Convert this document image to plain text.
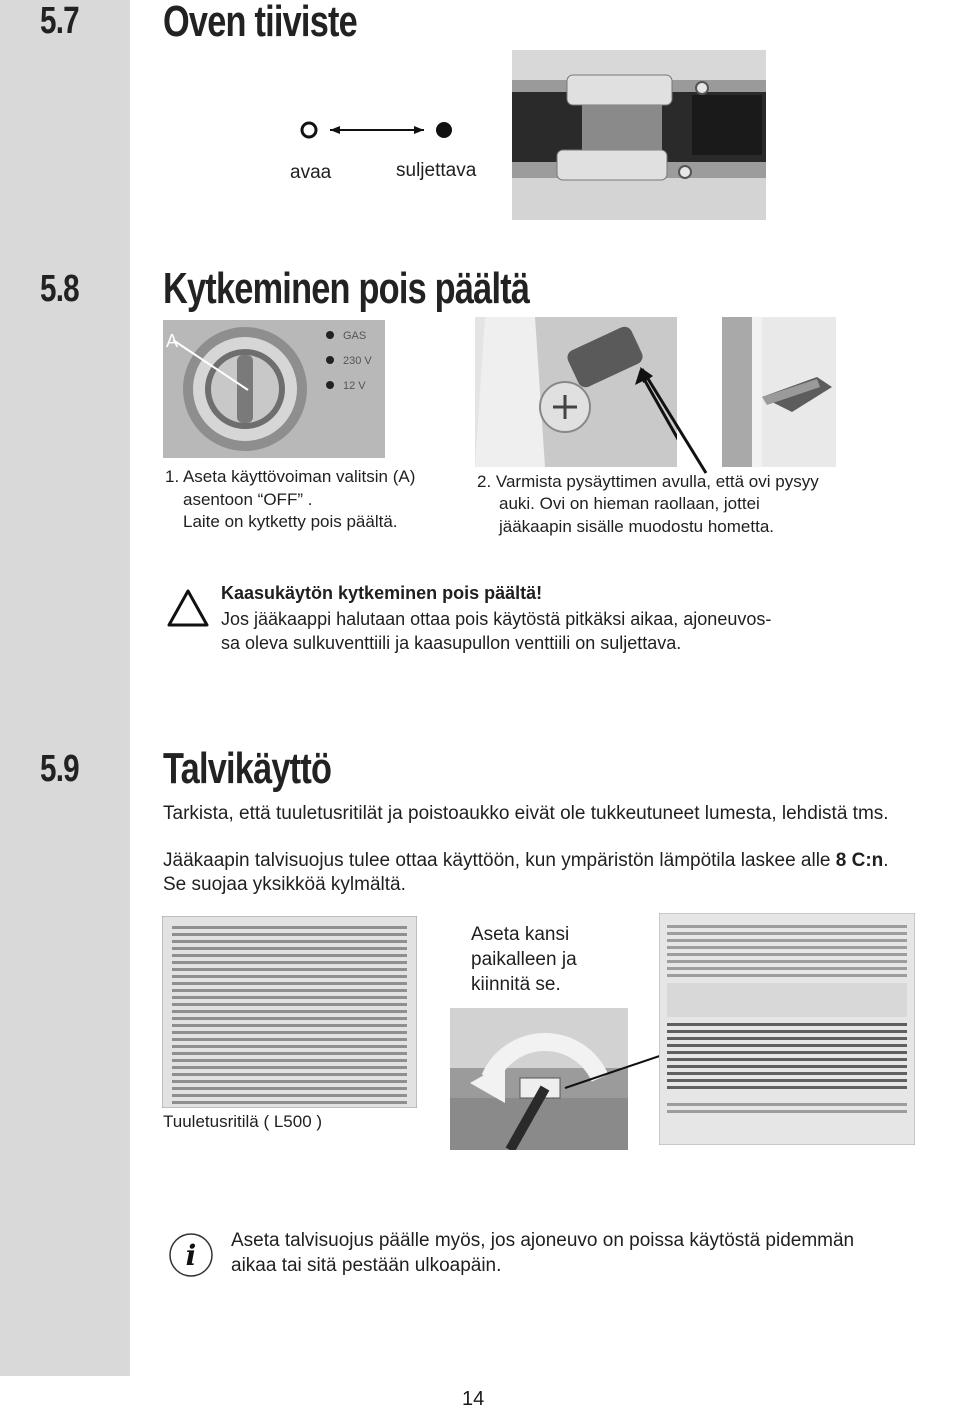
5.7 Oven tiiviste
avaa	suljettava
5.8 Kytkeminen pois päältä
A	GAS
230 V
12 V
1. Aseta käyttövoiman valitsin (A)
asentoon “OFF” .
Laite on kytketty pois päältä.
2. Varmista pysäyttimen avulla, että ovi pysyy
auki. Ovi on hieman raollaan, jottei
jääkaapin sisälle muodostu hometta.
Kaasukäytön kytkeminen pois päältä!
Jos jääkaappi halutaan ottaa pois käytöstä pitkäksi aikaa, ajoneuvos-
sa oleva sulkuventtiili ja kaasupullon venttiili on suljettava.
5.9 Talvikäyttö
Tarkista, että tuuletusritilät ja poistoaukko eivät ole tukkeutuneet lumesta, lehdistä tms.
Jääkaapin talvisuojus tulee ottaa käyttöön, kun ympäristön lämpötila laskee alle 8 C:n.
Se suojaa yksikköä kylmältä.
Aseta kansi
paikalleen ja
kiinnitä se.
Tuuletusritilä ( L500 )
i Aseta talvisuojus päälle myös, jos ajoneuvo on poissa käytöstä pidemmän
aikaa tai sitä pestään ulkoapäin.
14
